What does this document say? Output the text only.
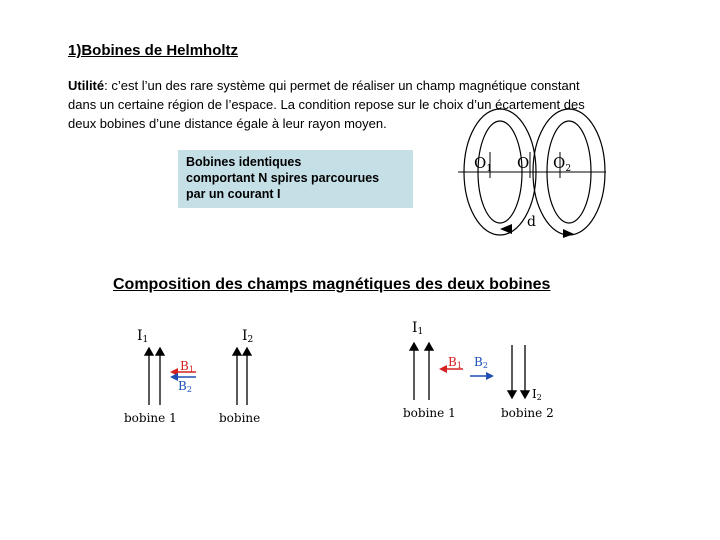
1)Bobines de Helmholtz
Utilité: c’est l’un des rare système qui permet de réaliser un champ magnétique constant
dans un certaine région de l’espace. La condition repose sur le choix d’un écartement des
deux bobines d’une distance égale à leur rayon moyen.
Bobines identiques
comportant N spires parcourues
par un courant I
Composition des champs magnétiques des deux bobines
$O_1$ O $O_2$
d
I1	I2
B1
B2
bobine 1	bobine
I1
B1 B2
I2
bobine 1	bobine 2
